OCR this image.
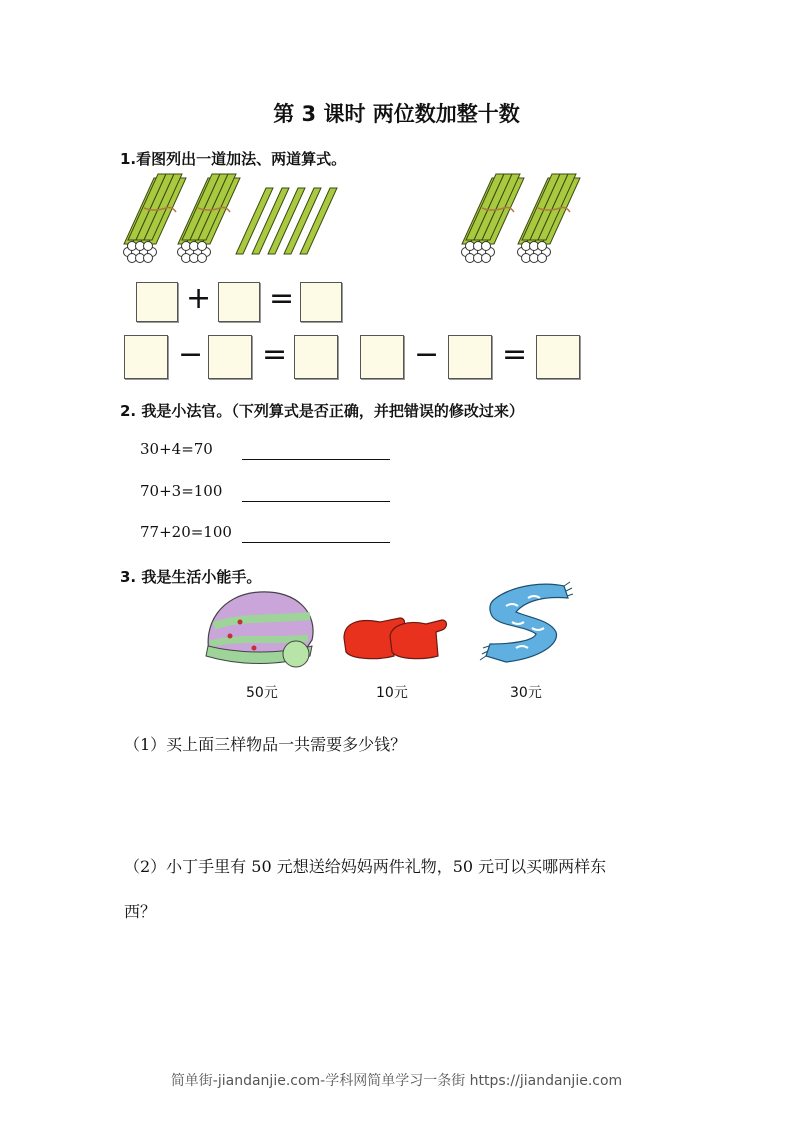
第 3 课时 两位数加整十数
1.看图列出一道加法、两道算式。
+ =
− =	− =
2. 我是小法官。（下列算式是否正确，并把错误的修改过来）
30+4=70
70+3=100
77+20=100
3. 我是生活小能手。
50元	10元	30元
（1）买上面三样物品一共需要多少钱？
（2）小丁手里有 50 元想送给妈妈两件礼物，50 元可以买哪两样东
西？
简单街-jiandanjie.com-学科网简单学习一条街 https://jiandanjie.com
